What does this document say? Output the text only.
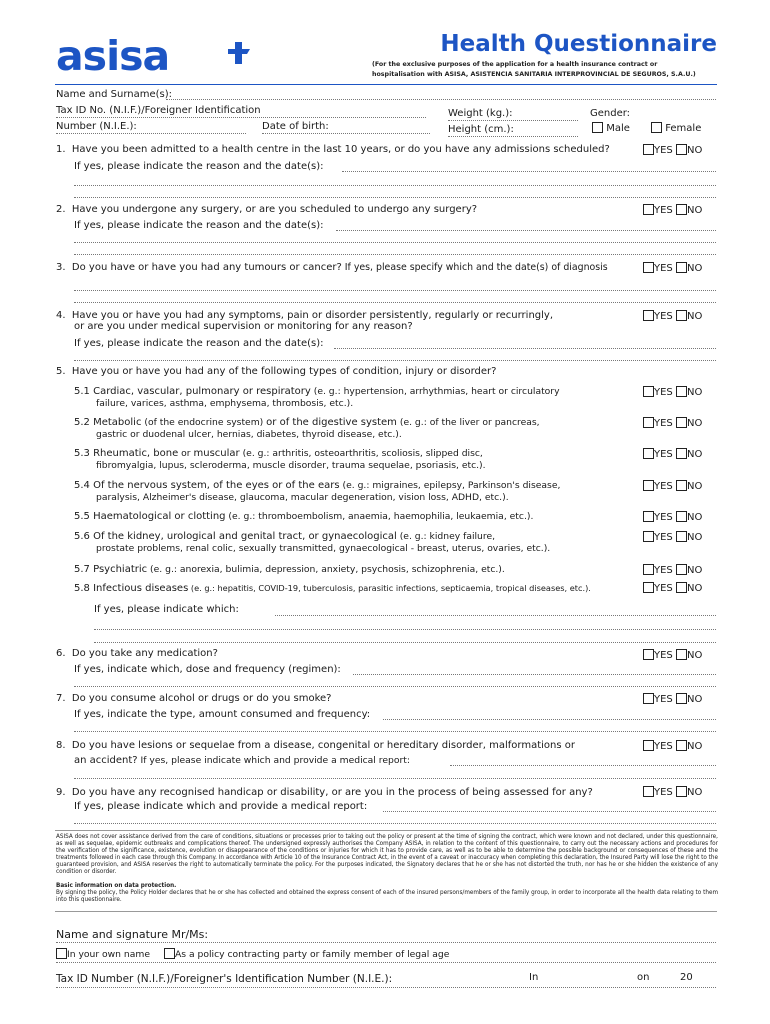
asisa	Health Questionnaire
(For the exclusive purposes of the application for a health insurance contract or
hospitalisation with ASISA, ASISTENCIA SANITARIA INTERPROVINCIAL DE SEGUROS, S.A.U.)
Name and Surname(s):
Tax ID No. (N.I.F.)/Foreigner Identification
Number (N.I.E.):	Date of birth:
Weight (kg.):
Height (cm.):
Gender:
Male	Female
1. Have you been admitted to a health centre in the last 10 years, or do you have any admissions scheduled?	YES NO
If yes, please indicate the reason and the date(s):
2. Have you undergone any surgery, or are you scheduled to undergo any surgery?	YES NO
If yes, please indicate the reason and the date(s):
3. Do you have or have you had any tumours or cancer? If yes, please specify which and the date(s) of diagnosis	YES NO
4. Have you or have you had any symptoms, pain or disorder persistently, regularly or recurringly,
or are you under medical supervision or monitoring for any reason?
YES NO
If yes, please indicate the reason and the date(s):
5. Have you or have you had any of the following types of condition, injury or disorder?
5.1 Cardiac, vascular, pulmonary or respiratory (e. g.: hypertension, arrhythmias, heart or circulatory
failure, varices, asthma, emphysema, thrombosis, etc.).
YES NO
5.2 Metabolic (of the endocrine system) or of the digestive system (e. g.: of the liver or pancreas,
gastric or duodenal ulcer, hernias, diabetes, thyroid disease, etc.).
YES NO
5.3 Rheumatic, bone or muscular (e. g.: arthritis, osteoarthritis, scoliosis, slipped disc,
fibromyalgia, lupus, scleroderma, muscle disorder, trauma sequelae, psoriasis, etc.).
YES NO
5.4 Of the nervous system, of the eyes or of the ears (e. g.: migraines, epilepsy, Parkinson's disease,
paralysis, Alzheimer's disease, glaucoma, macular degeneration, vision loss, ADHD, etc.).
YES NO
5.5 Haematological or clotting (e. g.: thromboembolism, anaemia, haemophilia, leukaemia, etc.).	YES NO
5.6 Of the kidney, urological and genital tract, or gynaecological (e. g.: kidney failure,
prostate problems, renal colic, sexually transmitted, gynaecological - breast, uterus, ovaries, etc.).
YES NO
5.7 Psychiatric (e. g.: anorexia, bulimia, depression, anxiety, psychosis, schizophrenia, etc.).	YES NO
5.8 Infectious diseases (e. g.: hepatitis, COVID-19, tuberculosis, parasitic infections, septicaemia, tropical diseases, etc.).	YES NO
If yes, please indicate which:
6. Do you take any medication?	YES NO
If yes, indicate which, dose and frequency (regimen):
7. Do you consume alcohol or drugs or do you smoke?	YES NO
If yes, indicate the type, amount consumed and frequency:
8. Do you have lesions or sequelae from a disease, congenital or hereditary disorder, malformations or
an accident? If yes, please indicate which and provide a medical report:
YES NO
9. Do you have any recognised handicap or disability, or are you in the process of being assessed for any?	YES NO
If yes, please indicate which and provide a medical report:
ASISA does not cover assistance derived from the care of conditions, situations or processes prior to taking out the policy or present at the time of signing the contract, which were known and not declared, under this questionnaire, as well as sequelae, epidemic outbreaks and complications thereof. The undersigned expressly authorises the Company ASISA, in relation to the content of this questionnaire, to carry out the necessary actions and procedures for the verification of the significance, existence, evolution or disappearance of the conditions or injuries for which it has to provide care, as well as to be able to determine the possible background or consequences of these and the treatments followed in each case through this Company. In accordance with Article 10 of the Insurance Contract Act, in the event of a caveat or inaccuracy when completing this declaration, the Insured Party will lose the right to the guaranteed provision, and ASISA reserves the right to automatically terminate the policy. For the purposes indicated, the Signatory declares that he or she has not distorted the truth, nor has he or she hidden the existence of any condition or disorder.
Basic information on data protection.
By signing the policy, the Policy Holder declares that he or she has collected and obtained the express consent of each of the insured persons/members of the family group, in order to incorporate all the health data relating to them into this questionnaire.
Name and signature Mr/Ms:
In your own name	As a policy contracting party or family member of legal age
Tax ID Number (N.I.F.)/Foreigner's Identification Number (N.I.E.):	In	on	20
